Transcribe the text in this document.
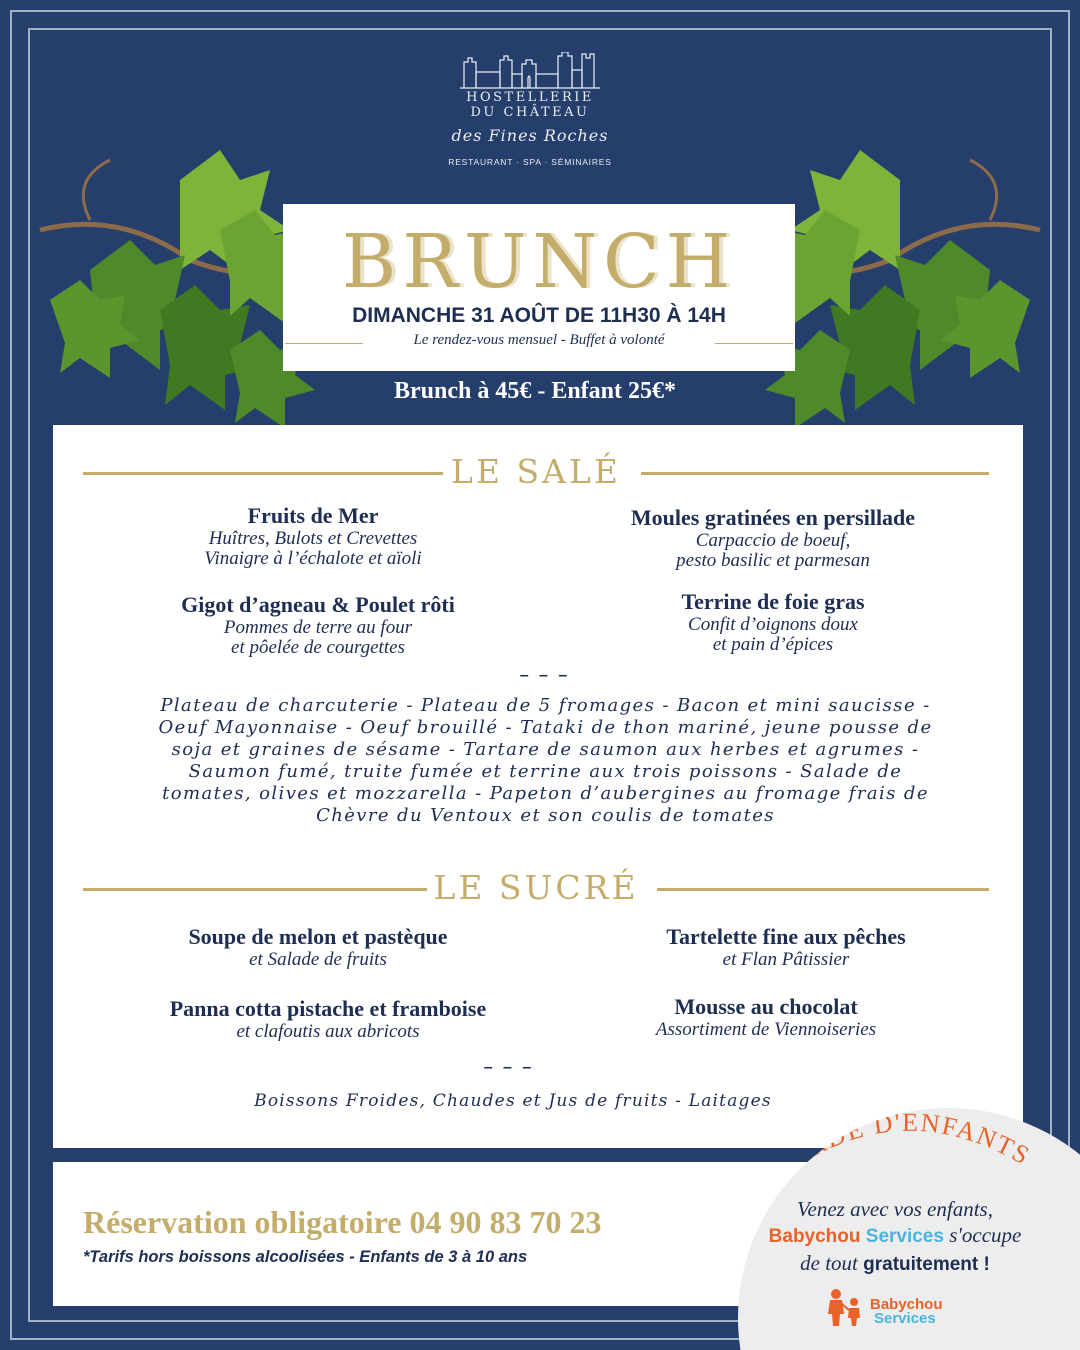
HOSTELLERIE
DU CHÂTEAU
des Fines Roches
RESTAURANT · SPA · SÉMINAIRES
BRUNCH
DIMANCHE 31 AOÛT DE 11H30 À 14H
Le rendez-vous mensuel - Buffet à volonté
Brunch à 45€ - Enfant 25€*
LE SALÉ
Fruits de Mer
Huîtres, Bulots et Crevettes
Vinaigre à l’échalote et aïoli
Moules gratinées en persillade
Carpaccio de boeuf,
pesto basilic et parmesan
Gigot d’agneau & Poulet rôti
Pommes de terre au four
et pôelée de courgettes
Terrine de foie gras
Confit d’oignons doux
et pain d’épices
– – –
Plateau de charcuterie - Plateau de 5 fromages - Bacon et mini saucisse - Oeuf Mayonnaise - Oeuf brouillé - Tataki de thon mariné, jeune pousse de soja et graines de sésame - Tartare de saumon aux herbes et agrumes - Saumon fumé, truite fumée et terrine aux trois poissons - Salade de tomates, olives et mozzarella - Papeton d’aubergines au fromage frais de Chèvre du Ventoux et son coulis de tomates
LE SUCRÉ
Soupe de melon et pastèque
et Salade de fruits
Tartelette fine aux pêches
et Flan Pâtissier
Panna cotta pistache et framboise
et clafoutis aux abricots
Mousse au chocolat
Assortiment de Viennoiseries
– – –
Boissons Froides, Chaudes et Jus de fruits - Laitages
Réservation obligatoire 04 90 83 70 23
*Tarifs hors boissons alcoolisées - Enfants de 3 à 10 ans
GARDE D'ENFANTS
Venez avec vos enfants,
Babychou Services s'occupe
de tout gratuitement !
Babychou
Services
